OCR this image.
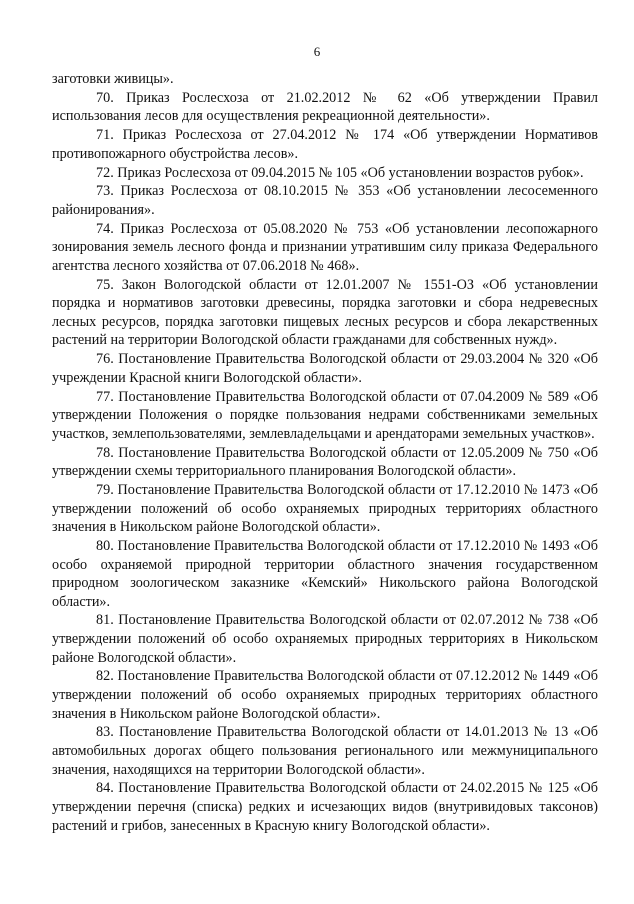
6

заготовки живицы».

70. Приказ Рослесхоза от 21.02.2012 № 62 «Об утверждении Правил использования лесов для осуществления рекреационной деятельности».

71. Приказ Рослесхоза от 27.04.2012 № 174 «Об утверждении Нормативов противопожарного обустройства лесов».

72. Приказ Рослесхоза от 09.04.2015 № 105 «Об установлении возрастов рубок».

73. Приказ Рослесхоза от 08.10.2015 № 353 «Об установлении лесосеменного районирования».

74. Приказ Рослесхоза от 05.08.2020 № 753 «Об установлении лесопожарного зонирования земель лесного фонда и признании утратившим силу приказа Федерального агентства лесного хозяйства от 07.06.2018 № 468».

75. Закон Вологодской области от 12.01.2007 № 1551-ОЗ «Об установлении порядка и нормативов заготовки древесины, порядка заготовки и сбора недревесных лесных ресурсов, порядка заготовки пищевых лесных ресурсов и сбора лекарственных растений на территории Вологодской области гражданами для собственных нужд».

76. Постановление Правительства Вологодской области от 29.03.2004 № 320 «Об учреждении Красной книги Вологодской области».

77. Постановление Правительства Вологодской области от 07.04.2009 № 589 «Об утверждении Положения о порядке пользования недрами собственниками земельных участков, землепользователями, землевладельцами и арендаторами земельных участков».

78. Постановление Правительства Вологодской области от 12.05.2009 № 750 «Об утверждении схемы территориального планирования Вологодской области».

79. Постановление Правительства Вологодской области от 17.12.2010 № 1473 «Об утверждении положений об особо охраняемых природных территориях областного значения в Никольском районе Вологодской области».

80. Постановление Правительства Вологодской области от 17.12.2010 № 1493 «Об особо охраняемой природной территории областного значения государственном природном зоологическом заказнике «Кемский» Никольского района Вологодской области».

81. Постановление Правительства Вологодской области от 02.07.2012 № 738 «Об утверждении положений об особо охраняемых природных территориях в Никольском районе Вологодской области».

82. Постановление Правительства Вологодской области от 07.12.2012 № 1449 «Об утверждении положений об особо охраняемых природных территориях областного значения в Никольском районе Вологодской области».

83. Постановление Правительства Вологодской области от 14.01.2013 № 13 «Об автомобильных дорогах общего пользования регионального или межмуниципального значения, находящихся на территории Вологодской области».

84. Постановление Правительства Вологодской области от 24.02.2015 № 125 «Об утверждении перечня (списка) редких и исчезающих видов (внутривидовых таксонов) растений и грибов, занесенных в Красную книгу Вологодской области».
